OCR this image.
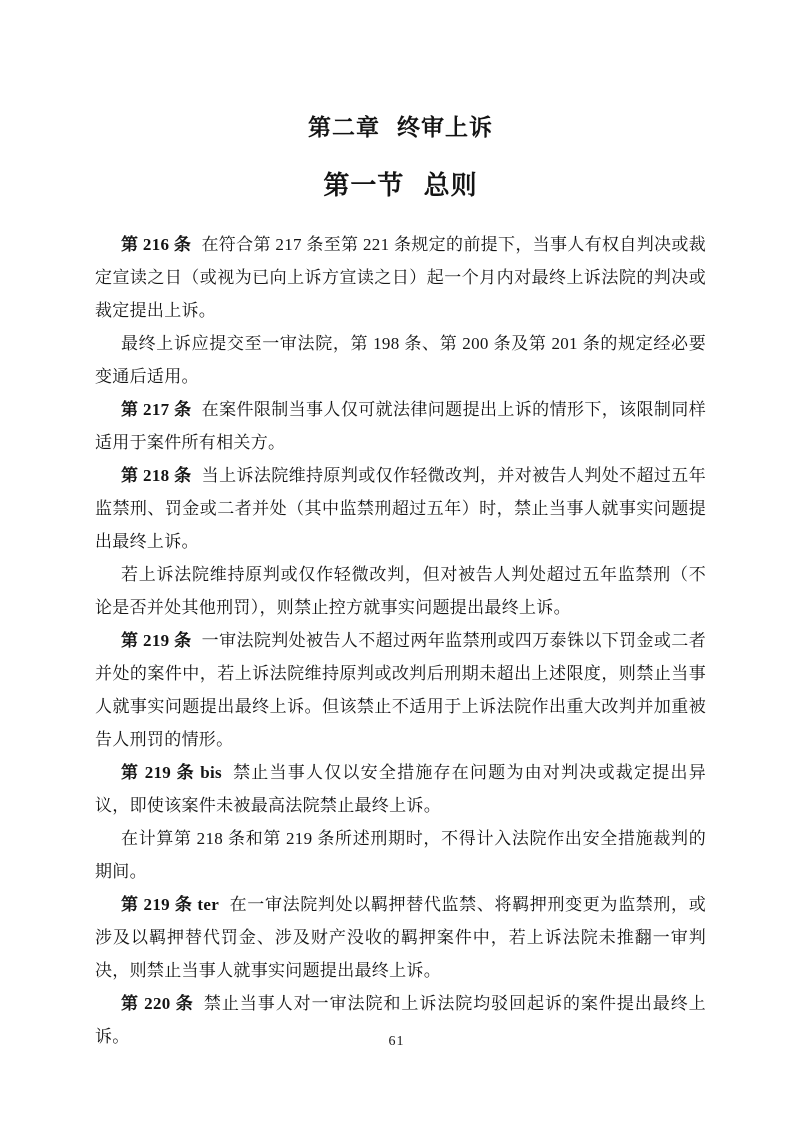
第二章 终审上诉
第一节 总则

第 216 条 在符合第 217 条至第 221 条规定的前提下，当事人有权自判决或裁定宣读之日（或视为已向上诉方宣读之日）起一个月内对最终上诉法院的判决或裁定提出上诉。

最终上诉应提交至一审法院，第 198 条、第 200 条及第 201 条的规定经必要变通后适用。

第 217 条 在案件限制当事人仅可就法律问题提出上诉的情形下，该限制同样适用于案件所有相关方。

第 218 条 当上诉法院维持原判或仅作轻微改判，并对被告人判处不超过五年监禁刑、罚金或二者并处（其中监禁刑超过五年）时，禁止当事人就事实问题提出最终上诉。

若上诉法院维持原判或仅作轻微改判，但对被告人判处超过五年监禁刑（不论是否并处其他刑罚），则禁止控方就事实问题提出最终上诉。

第 219 条 一审法院判处被告人不超过两年监禁刑或四万泰铢以下罚金或二者并处的案件中，若上诉法院维持原判或改判后刑期未超出上述限度，则禁止当事人就事实问题提出最终上诉。但该禁止不适用于上诉法院作出重大改判并加重被告人刑罚的情形。

第 219 条 bis 禁止当事人仅以安全措施存在问题为由对判决或裁定提出异议，即使该案件未被最高法院禁止最终上诉。

在计算第 218 条和第 219 条所述刑期时，不得计入法院作出安全措施裁判的期间。

第 219 条 ter 在一审法院判处以羁押替代监禁、将羁押刑变更为监禁刑，或涉及以羁押替代罚金、涉及财产没收的羁押案件中，若上诉法院未推翻一审判决，则禁止当事人就事实问题提出最终上诉。

第 220 条 禁止当事人对一审法院和上诉法院均驳回起诉的案件提出最终上诉。	61
